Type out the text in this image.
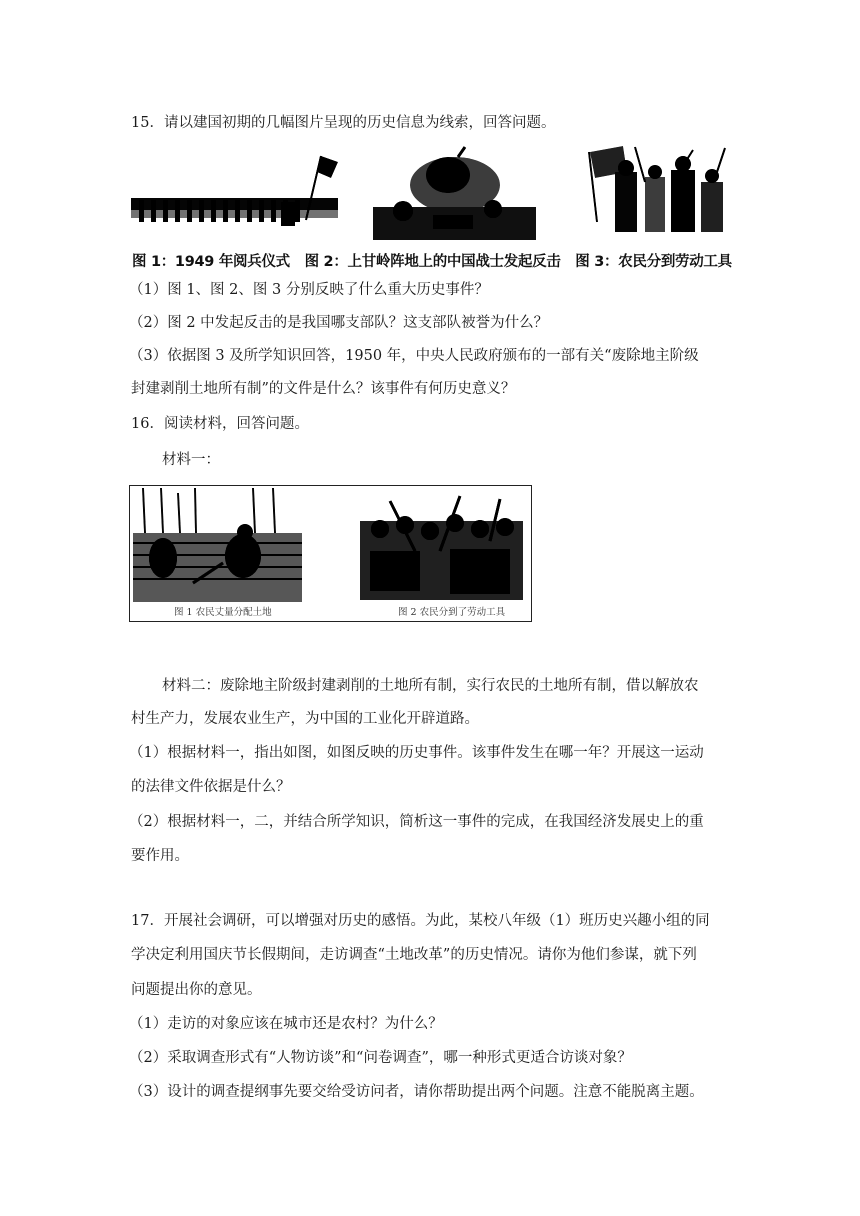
15．请以建国初期的几幅图片呈现的历史信息为线索，回答问题。
图 1：1949 年阅兵仪式 图 2：上甘岭阵地上的中国战士发起反击 图 3：农民分到劳动工具
（1）图 1、图 2、图 3 分别反映了什么重大历史事件？
（2）图 2 中发起反击的是我国哪支部队？这支部队被誉为什么？
（3）依据图 3 及所学知识回答，1950 年，中央人民政府颁布的一部有关“废除地主阶级
封建剥削土地所有制”的文件是什么？该事件有何历史意义？
16．阅读材料，回答问题。
材料一：
图 1 农民丈量分配土地	图 2 农民分到了劳动工具
材料二：废除地主阶级封建剥削的土地所有制，实行农民的土地所有制，借以解放农
村生产力，发展农业生产，为中国的工业化开辟道路。
（1）根据材料一，指出如图，如图反映的历史事件。该事件发生在哪一年？开展这一运动
的法律文件依据是什么？
（2）根据材料一，二，并结合所学知识，简析这一事件的完成，在我国经济发展史上的重
要作用。
17．开展社会调研，可以增强对历史的感悟。为此，某校八年级（1）班历史兴趣小组的同
学决定利用国庆节长假期间，走访调查“土地改革”的历史情况。请你为他们参谋，就下列
问题提出你的意见。
（1）走访的对象应该在城市还是农村？为什么？
（2）采取调查形式有“人物访谈”和“问卷调查”，哪一种形式更适合访谈对象？
（3）设计的调查提纲事先要交给受访问者，请你帮助提出两个问题。注意不能脱离主题。
